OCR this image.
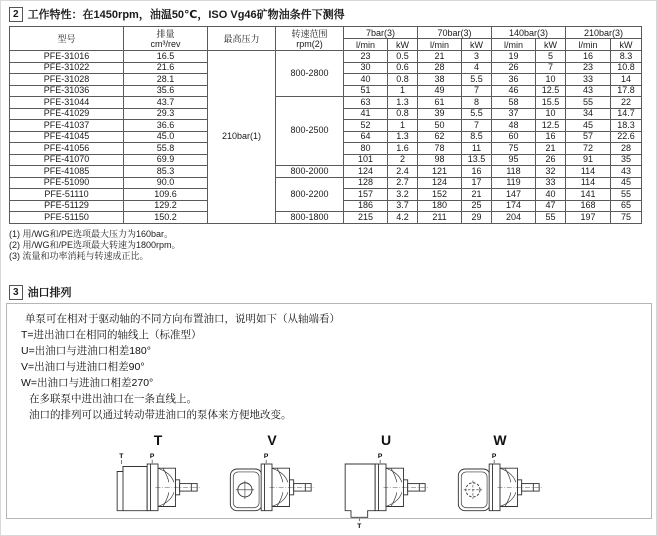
2 工作特性：在1450rpm，油温50℃，ISO Vg46矿物油条件下测得
型号	排量
cm³/rev	最高压力	转速范围
rpm(2)
	7bar(3)	70bar(3)	140bar(3)	210bar(3)
				l/min	kW	l/min	kW	l/min	kW	l/min	kW
PFE-31016	16.5	210bar(1)	800-2800	23	0.5	21	3	19	5	16	8.3
PFE-31022	21.6			30	0.6	28	4	26	7	23	10.8
PFE-31028	28.1			40	0.8	38	5.5	36	10	33	14
PFE-31036	35.6			51	1	49	7	46	12.5	43	17.8
PFE-31044	43.7		800-2500	63	1.3	61	8	58	15.5	55	22
PFE-41029	29.3			41	0.8	39	5.5	37	10	34	14.7
PFE-41037	36.6			52	1	50	7	48	12.5	45	18.3
PFE-41045	45.0			64	1.3	62	8.5	60	16	57	22.6
PFE-41056	55.8			80	1.6	78	11	75	21	72	28
PFE-41070	69.9			101	2	98	13.5	95	26	91	35
PFE-41085	85.3		800-2000	124	2.4	121	16	118	32	114	43
PFE-51090	90.0		800-2200	128	2.7	124	17	119	33	114	45
PFE-51110	109.6			157	3.2	152	21	147	40	141	55
PFE-51129	129.2			186	3.7	180	25	174	47	168	65
PFE-51150	150.2		800-1800	215	4.2	211	29	204	55	197	75
(1) 用/WG和/PE选项最大压力为160bar。
(2) 用/WG和/PE选项最大转速为1800rpm。
(3) 流量和功率消耗与转速成正比。
3 油口排列
单泵可在相对于驱动轴的不同方向布置油口，说明如下（从轴端看）
T=进出油口在相同的轴线上（标准型）
U=出油口与进油口相差180°
V=出油口与进油口相差90°
W=出油口与进油口相差270°
在多联泵中进出油口在一条直线上。
油口的排列可以通过转动带进油口的泵体来方便地改变。
T
T	P
V
P
U
P
T
W
P
